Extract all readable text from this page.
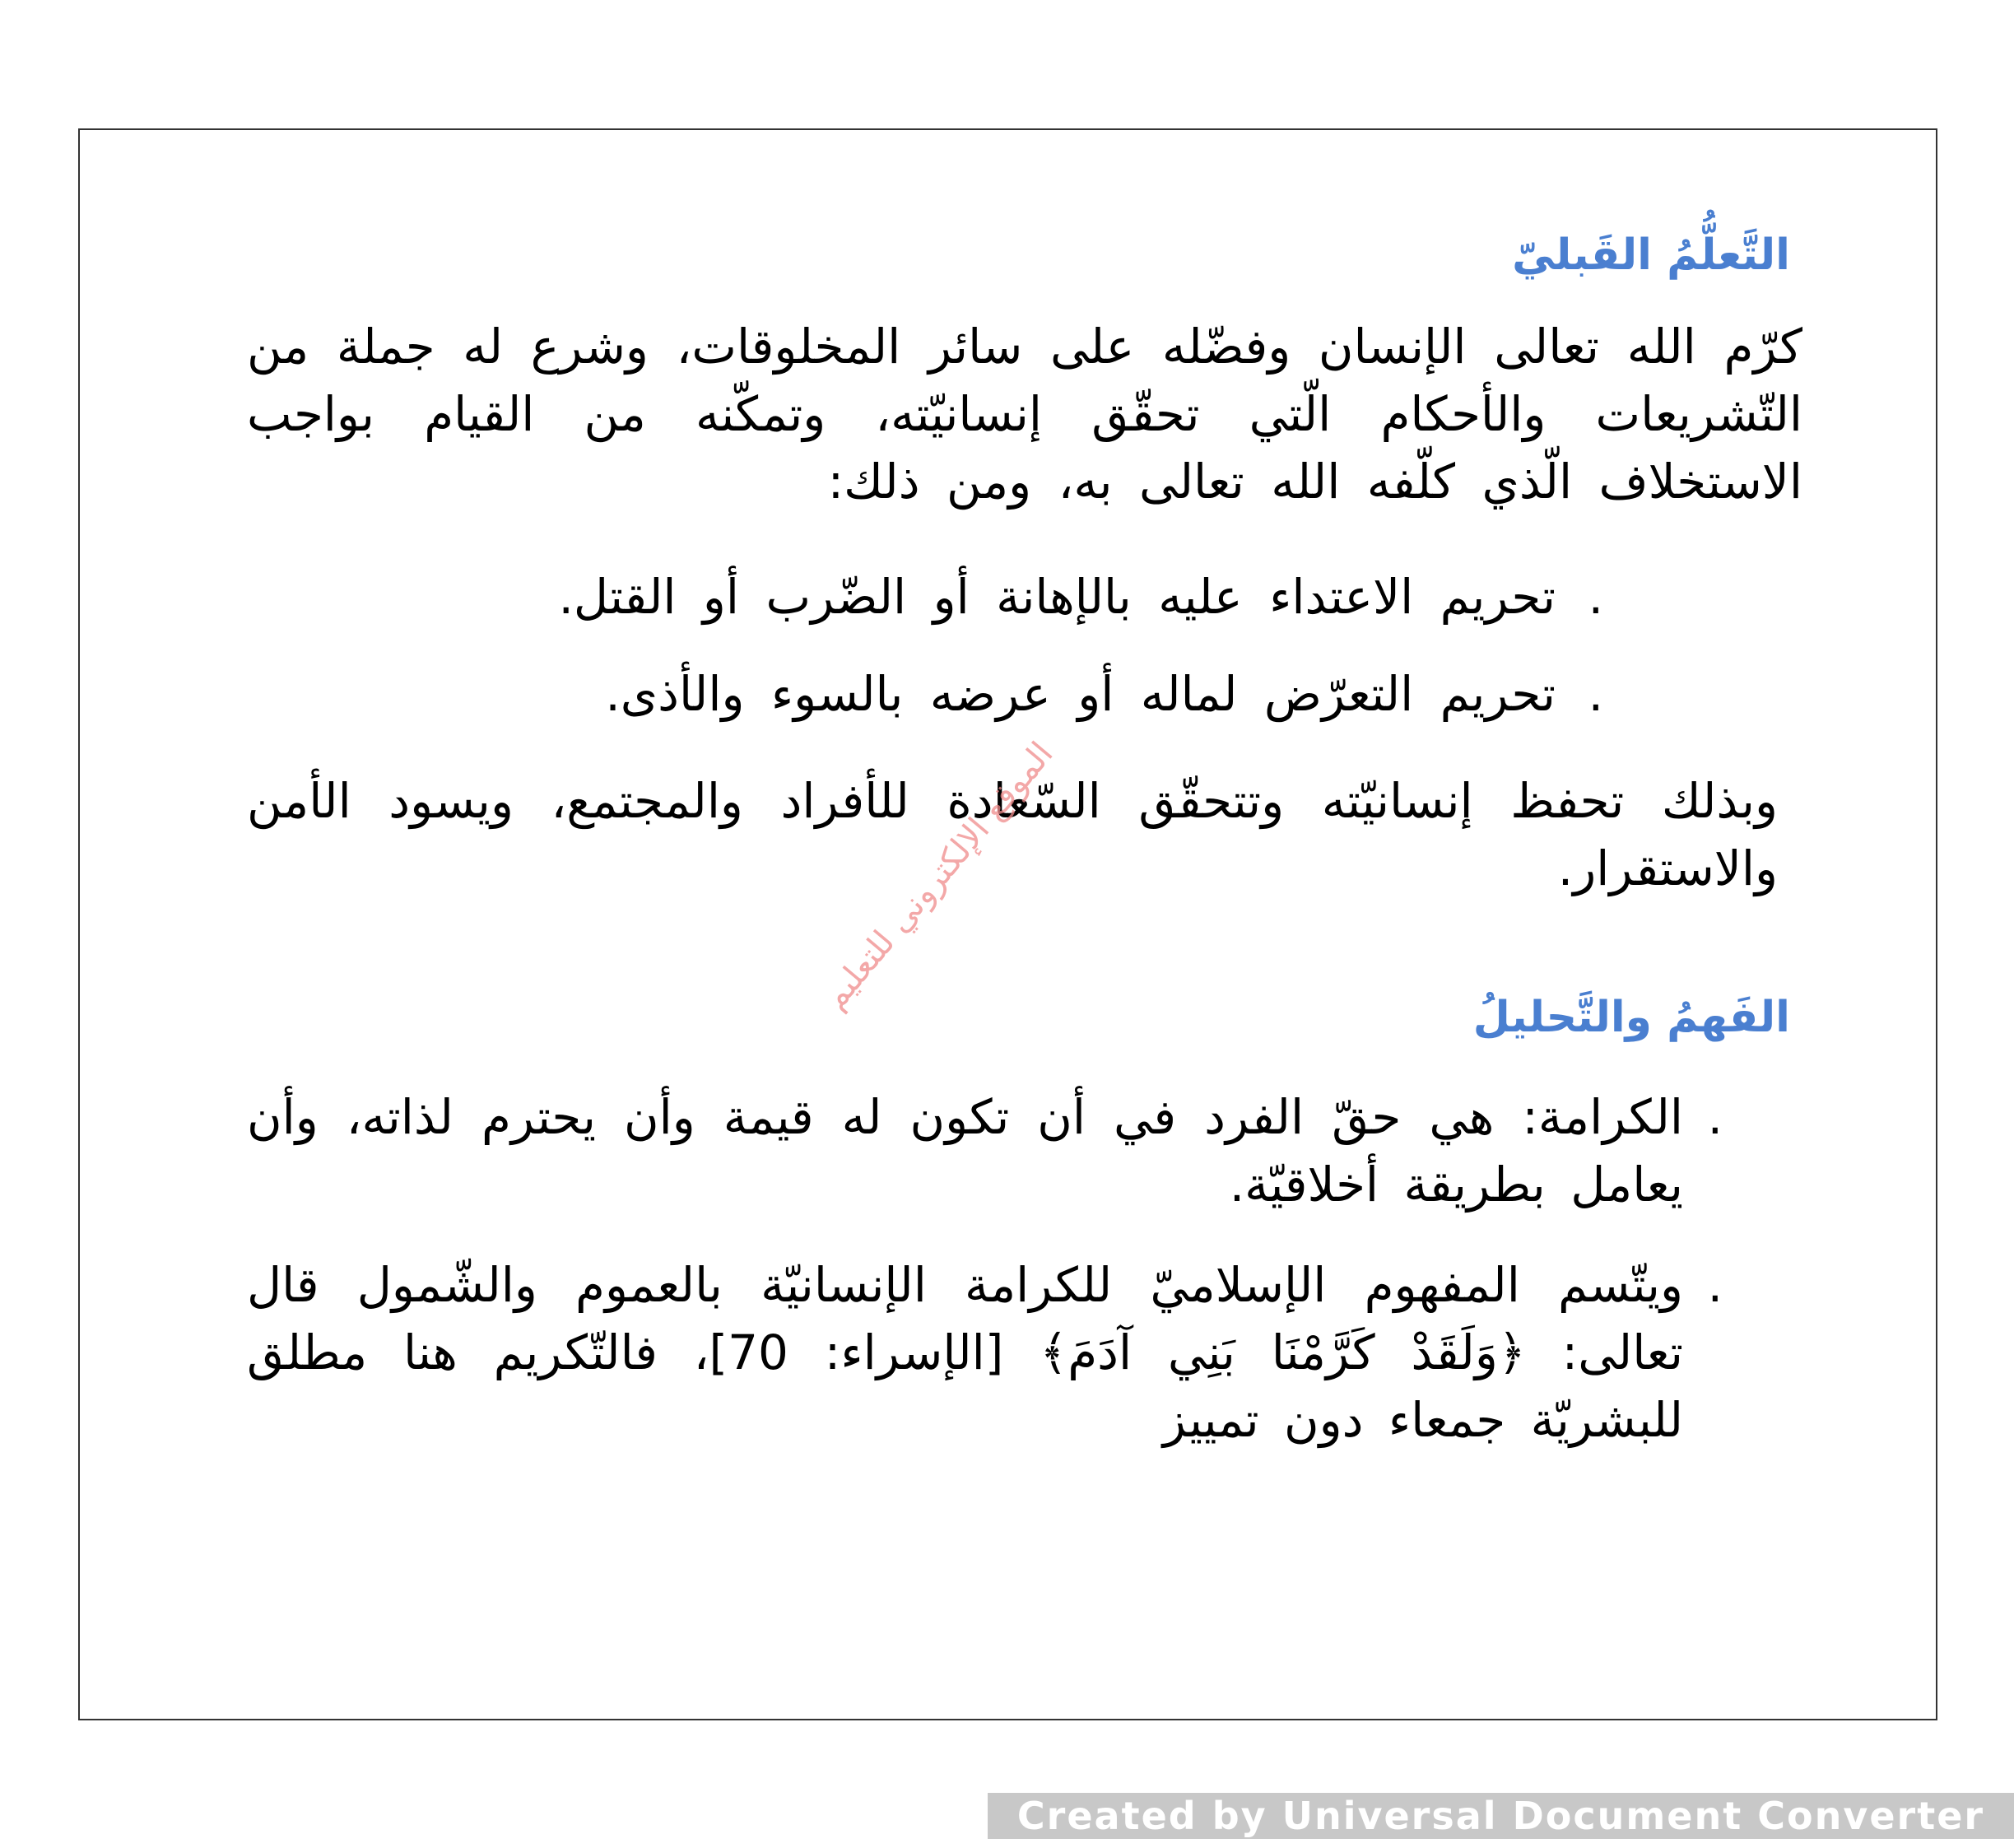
التَّعلُّمُ القَبليّ

كرّم الله تعالى الإنسان وفضّله على سائر المخلوقات، وشرع له جملة من التّشريعات والأحكام الّتي تحقّق إنسانيّته، وتمكّنه من القيام بواجب الاستخلاف الّذي كلّفه الله تعالى به، ومن ذلك:

.
تحريم الاعتداء عليه بالإهانة أو الضّرب أو القتل.
.
تحريم التعرّض لماله أو عرضه بالسوء والأذى.

وبذلك تحفظ إنسانيّته وتتحقّق السّعادة للأفراد والمجتمع، ويسود الأمن والاستقرار.

الفَهمُ والتَّحليلُ
.
الكرامة: هي حقّ الفرد في أن تكون له قيمة وأن يحترم لذاته، وأن يعامل بطريقة أخلاقيّة.
.
ويتّسم المفهوم الإسلاميّ للكرامة الإنسانيّة بالعموم والشّمول قال تعالى: ﴿وَلَقَدْ كَرَّمْنَا بَنِي آدَمَ﴾ [الإسراء: 70]، فالتّكريم هنا مطلق للبشريّة جمعاء دون تمييز
الموقع الإلكتروني للتعليم
Created by Universal Document Converter
